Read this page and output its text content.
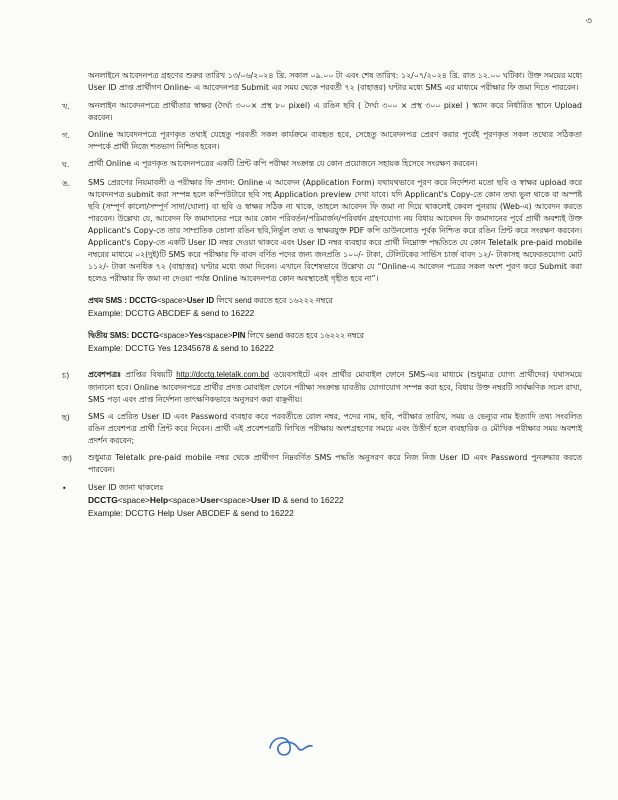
৩

অনলাইনে আবেদনপত্র গ্রহণের শুরুর তারিখ ১৩/০৬/২০২৪ খ্রি. সকাল ০৯.০০ টা এবং শেষ তারিখ: ১২/০৭/২০২৪ খ্রি. রাত ১২.০০ ঘটিকা। উক্ত সময়ের মধ্যে User ID প্রাপ্ত প্রার্থীগণ Online- এ আবেদনপত্র Submit এর সময় থেকে পরবর্তী ৭২ (বাহাত্তর) ঘণ্টার মধ্যে SMS এর মাধ্যমে পরীক্ষার ফি জমা দিতে পারবেন।

খ.	অনলাইন আবেদনপত্রে প্রার্থীতার স্বাক্ষর (দৈর্ঘ্য ৩০০× প্রস্থ ৮০ pixel) এ রঙিন ছবি ( দৈর্ঘ্য ৩০০ × প্রস্থ ৩০০ pixel ) স্ক্যান করে নির্ধারিত স্থানে Upload করবেন।
গ.	Online আবেদনপত্রে পূরণকৃত তথ্যই যেহেতু পরবর্তী সকল কার্যক্রমে ব্যবহৃত হবে, সেহেতু আবেদনপত্র প্রেরণ করার পূর্বেই পূরণকৃত সকল তথ্যের সঠিকতা সম্পর্কে প্রার্থী নিজে শতভাগ নিশ্চিত হবেন।
ঘ.	প্রার্থী Online এ পূরণকৃত আবেদনপত্রের একটি প্রিন্ট কপি পরীক্ষা সংক্রান্ত যে কোন প্রয়োজনে সহায়ক হিসেবে সংরক্ষণ করবেন।
ঙ.	SMS প্রেরণের নিয়মাবলী ও পরীক্ষার ফি প্রদান: Online এ আবেদন (Application Form) যথাযথভাবে পূরণ করে নির্দেশনা মতো ছবি ও স্বাক্ষর upload করে আবেদনপত্র submit করা সম্পন্ন হলে কম্পিউটারে ছবি সহ Application preview দেখা যাবে। যদি Applicant's Copy-তে কোন তথ্য ভুল থাকে বা অস্পষ্ট ছবি (সম্পূর্ণ কালো/সম্পূর্ণ সাদা/ঘোলা) বা ছবি ও স্বাক্ষর সঠিক না থাকে, তাহলে আবেদন ফি জমা না দিয়ে থাকলেই কেবল পুনরায় (Web-এ) আবেদন করতে পারবেন। উল্লেখ্য যে, আবেদন ফি জমাদানের পরে আর কোন পরিবর্তন/পরিমার্জন/পরিবর্ধন গ্রহণযোগ্য নয় বিধায় আবেদন ফি জমাদানের পূর্বে প্রার্থী অবশ্যই উক্ত Applicant's Copy-তে তার সাম্প্রতিক তোলা রঙিন ছবি,নির্ভুল তথ্য ও স্বাক্ষরযুক্ত PDF কপি ডাউনলোড পূর্বক নিশ্চিত করে রঙিন প্রিন্ট করে সংরক্ষণ করবেন। Applicant's Copy-তে একটি User ID নম্বর দেওয়া থাকবে এবং User ID নম্বর ব্যবহার করে প্রার্থী নিম্নোক্ত পদ্ধতিতে যে কোন Teletalk pre-paid mobile নম্বরের মাধ্যমে ০২(দুই)টি SMS করে পরীক্ষার ফি বাবদ বর্ণিত পদের জন্য জনপ্রতি ১০০/- টাকা, টেলিটকের সার্ভিস চার্জ বাবদ ১২/- টাকাসহ অফেরতযোগ্য মোট ১১২/- টাকা অনধিক ৭২ (বাহাত্তর) ঘণ্টার মধ্যে জমা দিবেন। এখানে বিশেষভাবে উল্লেখ্য যে “Online-এ আবেদন পত্রের সকল অংশ পূরণ করে Submit করা হলেও পরীক্ষার ফি জমা না দেওয়া পর্যন্ত Online আবেদনপত্র কোন অবস্থাতেই গৃহীত হবে না”।
প্রথম SMS : DCCTG<space>User ID লিখে send করতে হবে ১৬২২২ নম্বরে
Example: DCCTG ABCDEF & send to 16222
দ্বিতীয় SMS: DCCTG<space>Yes<space>PIN লিখে send করতে হবে ১৬২২২ নম্বরে
Example: DCCTG Yes 12345678 & send to 16222
চ)	প্রবেশপত্রঃ প্রাপ্তির বিষয়টি http://dcctg.teletalk.com.bd ওয়েবসাইটে এবং প্রার্থীর মোবাইল ফোনে SMS-এর মাধ্যমে (শুধুমাত্র যোগ্য প্রার্থীদের) যথাসময়ে জানানো হবে। Online আবেদনপত্রে প্রার্থীর প্রদত্ত মোবাইল ফোনে পরীক্ষা সংক্রান্ত যাবতীয় যোগাযোগ সম্পন্ন করা হবে, বিধায় উক্ত নম্বরটি সার্বক্ষণিক সচল রাখা, SMS পড়া এবং প্রাপ্ত নির্দেশনা তাৎক্ষণিকভাবে অনুসরণ করা বাঞ্ছনীয়।
ছ)	SMS এ প্রেরিত User ID এবং Password ব্যবহার করে পরবর্তীতে রোল নম্বর, পদের নাম, ছবি, পরীক্ষার তারিখ, সময় ও ভেন্যুর নাম ইত্যাদি তথ্য সংবলিত রঙিন প্রবেশপত্র প্রার্থী প্রিন্ট করে নিবেন। প্রার্থী এই প্রবেশপত্রটি লিখিত পরীক্ষায় অংশগ্রহণের সময়ে এবং উত্তীর্ণ হলে ব্যবহারিক ও মৌখিক পরীক্ষার সময় অবশ্যই প্রদর্শন করবেন;
জ)	শুধুমাত্র Teletalk pre-paid mobile নম্বর থেকে প্রার্থীগণ নিম্নবর্ণিত SMS পদ্ধতি অনুসরণ করে নিজ নিজ User ID এবং Password পুনরুদ্ধার করতে পারবেন।
•	User ID জানা থাকলেঃ
DCCTG<space>Help<space>User<space>User ID & send to 16222
Example: DCCTG Help User ABCDEF & send to 16222
